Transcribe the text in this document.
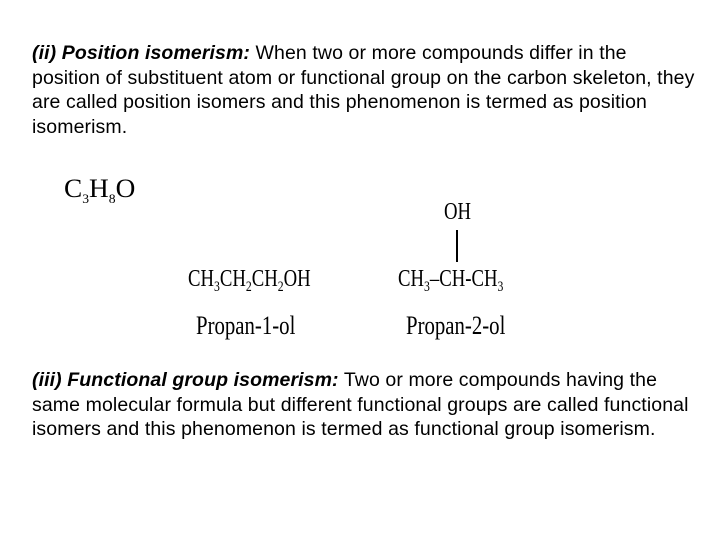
(ii) Position isomerism: When two or more compounds differ in the position of substituent atom or functional group on the carbon skeleton, they are called position isomers and this phenomenon is termed as position isomerism.

$C_3H_8O$
OH
$CH_3CH_2CH_2OH$	$CH_3-CH-CH_3$
Propan-1-ol	Propan-2-ol

(iii) Functional group isomerism: Two or more compounds having the same molecular formula but different functional groups are called functional isomers and this phenomenon is termed as functional group isomerism.
